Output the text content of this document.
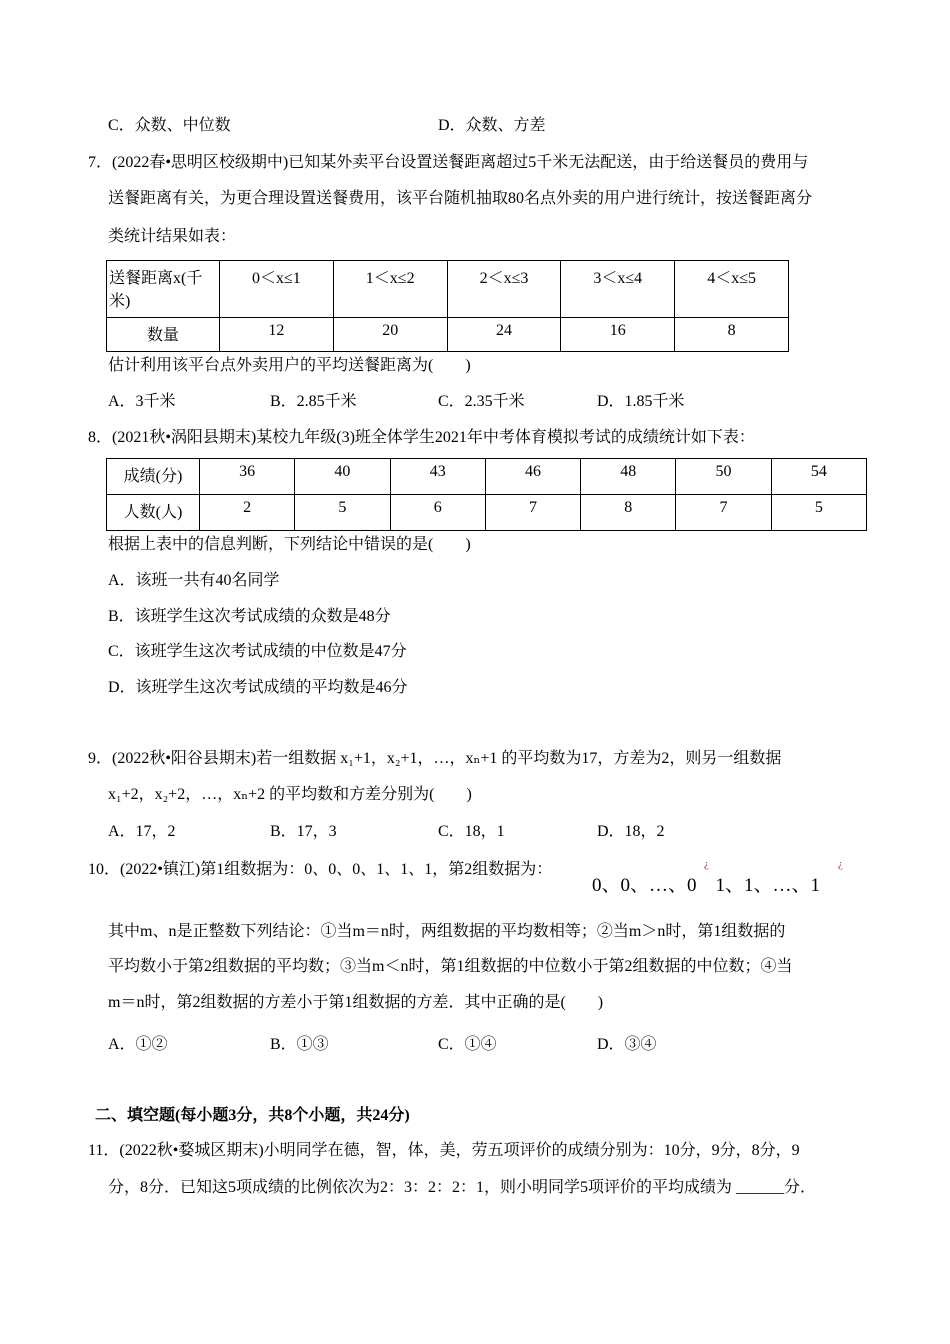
C．众数、中位数	D．众数、方差
7．(2022春•思明区校级期中)已知某外卖平台设置送餐距离超过5千米无法配送，由于给送餐员的费用与
送餐距离有关，为更合理设置送餐费用，该平台随机抽取80名点外卖的用户进行统计，按送餐距离分
类统计结果如表：
送餐距离x(千米)	0＜x≤1	1＜x≤2	2＜x≤3	3＜x≤4	4＜x≤5
数量	12	20	24	16	8
估计利用该平台点外卖用户的平均送餐距离为(　　)
A．3千米	B．2.85千米	C．2.35千米	D．1.85千米
8．(2021秋•涡阳县期末)某校九年级(3)班全体学生2021年中考体育模拟考试的成绩统计如下表：
成绩(分)	36	40	43	46	48	50	54
人数(人)	2	5	6	7	8	7	5
根据上表中的信息判断，下列结论中错误的是(　　)
A．该班一共有40名同学
B．该班学生这次考试成绩的众数是48分
C．该班学生这次考试成绩的中位数是47分
D．该班学生这次考试成绩的平均数是46分
9．(2022秋•阳谷县期末)若一组数据 x₁+1，x₂+1，…，xₙ+1 的平均数为17，方差为2，则另一组数据
x₁+2，x₂+2，…，xₙ+2 的平均数和方差分别为(　　)
A．17，2	B．17，3	C．18，1	D．18，2
10．(2022•镇江)第1组数据为：0、0、0、1、1、1，第2组数据为：
0、0、…、0　1、1、…、1
¿	¿
其中m、n是正整数下列结论：①当m＝n时，两组数据的平均数相等；②当m＞n时，第1组数据的
平均数小于第2组数据的平均数；③当m＜n时，第1组数据的中位数小于第2组数据的中位数；④当
m＝n时，第2组数据的方差小于第1组数据的方差．其中正确的是(　　)
A．①②	B．①③	C．①④	D．③④
二、填空题(每小题3分，共8个小题，共24分)
11．(2022秋•婺城区期末)小明同学在德，智，体，美，劳五项评价的成绩分别为：10分，9分，8分，9
分，8分．已知这5项成绩的比例依次为2：3：2：2：1，则小明同学5项评价的平均成绩为 ______分．
